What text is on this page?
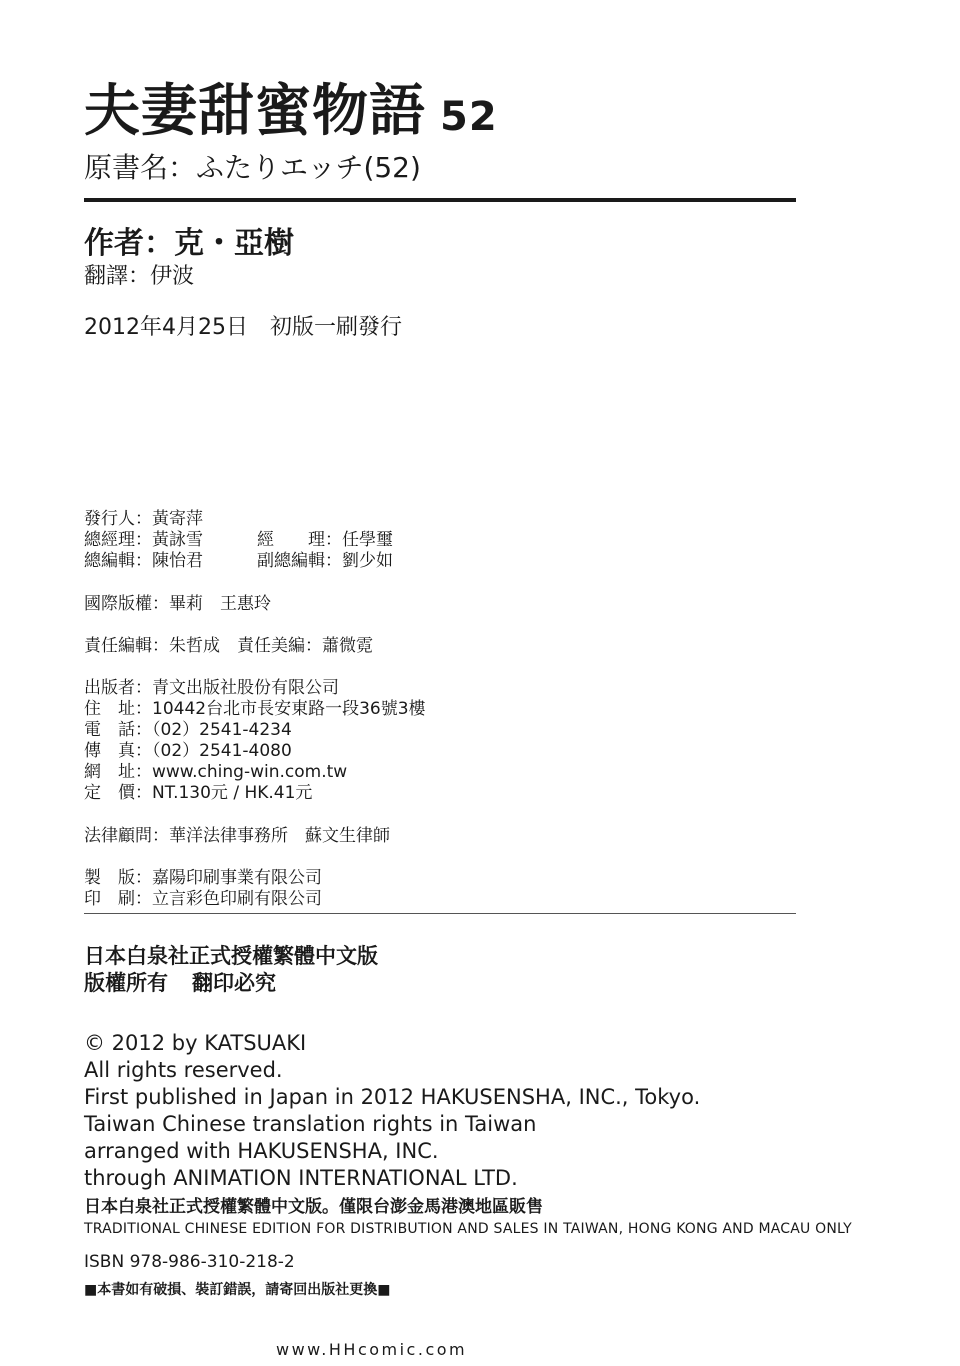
夫妻甜蜜物語 52
原書名：ふたりエッチ(52)
作者：克・亞樹
翻譯：伊波
2012年4月25日　初版一刷發行
發行人：黃寄萍
總經理：黃詠雪	經　　理：任學璽
總編輯：陳怡君	副總編輯：劉少如
國際版權：畢莉　王惠玲
責任編輯：朱哲成　責任美編：蕭微霓
出版者：青文出版社股份有限公司
住　址：10442台北市長安東路一段36號3樓
電　話：（02）2541-4234
傳　真：（02）2541-4080
網　址：www.ching-win.com.tw
定　價：NT.130元 / HK.41元
法律顧問：華洋法律事務所　蘇文生律師
製　版：嘉陽印刷事業有限公司
印　刷：立言彩色印刷有限公司
日本白泉社正式授權繁體中文版
版權所有 翻印必究
© 2012 by KATSUAKI
All rights reserved.
First published in Japan in 2012 HAKUSENSHA, INC., Tokyo.
Taiwan Chinese translation rights in Taiwan
arranged with HAKUSENSHA, INC.
through ANIMATION INTERNATIONAL LTD.
日本白泉社正式授權繁體中文版。僅限台澎金馬港澳地區販售
TRADITIONAL CHINESE EDITION FOR DISTRIBUTION AND SALES IN TAIWAN, HONG KONG AND MACAU ONLY
ISBN 978-986-310-218-2
■本書如有破損、裝訂錯誤，請寄回出版社更換■
www.HHcomic.com
